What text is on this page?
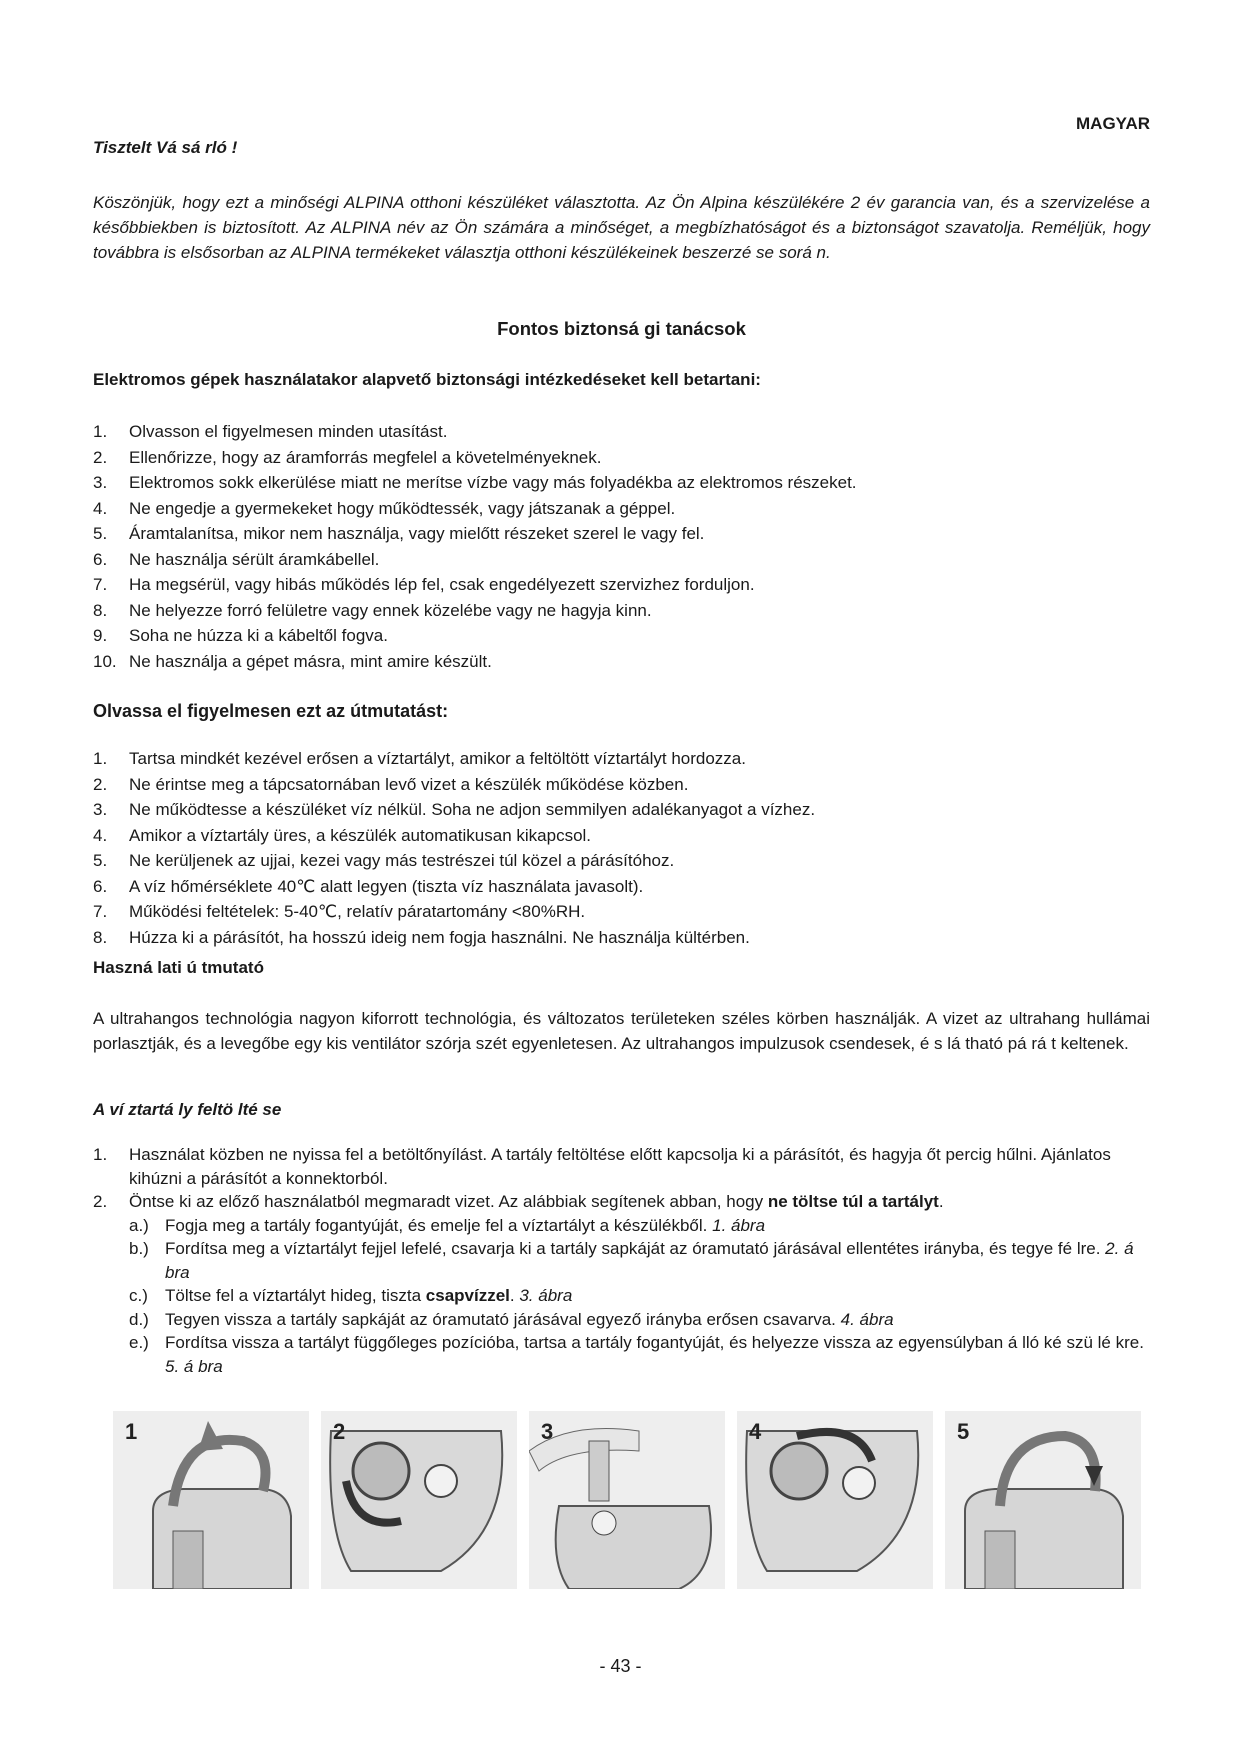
MAGYAR
Tisztelt Vá sá rló !
Köszönjük, hogy ezt a minőségi ALPINA otthoni készüléket választotta. Az Ön Alpina készülékére 2 év garancia van, és a szervizelése a későbbiekben is biztosított. Az ALPINA név az Ön számára a minőséget, a megbízhatóságot és a biztonságot szavatolja. Reméljük, hogy továbbra is elsősorban az ALPINA termékeket választja otthoni készülékeinek beszerzé se sorá n.
Fontos biztonsá gi tanácsok
Elektromos gépek használatakor alapvető biztonsági intézkedéseket kell betartani:
1. Olvasson el figyelmesen minden utasítást.
2. Ellenőrizze, hogy az áramforrás megfelel a követelményeknek.
3. Elektromos sokk elkerülése miatt ne merítse vízbe vagy más folyadékba az elektromos részeket.
4. Ne engedje a gyermekeket hogy működtessék, vagy játszanak a géppel.
5. Áramtalanítsa, mikor nem használja, vagy mielőtt részeket szerel le vagy fel.
6. Ne használja sérült áramkábellel.
7. Ha megsérül, vagy hibás működés lép fel, csak engedélyezett szervizhez forduljon.
8. Ne helyezze forró felületre vagy ennek közelébe vagy ne hagyja kinn.
9. Soha ne húzza ki a kábeltől fogva.
10. Ne használja a gépet másra, mint amire készült.
Olvassa el figyelmesen ezt az útmutatást:
1. Tartsa mindkét kezével erősen a víztartályt, amikor a feltöltött víztartályt hordozza.
2. Ne érintse meg a tápcsatornában levő vizet a készülék működése közben.
3. Ne működtesse a készüléket víz nélkül. Soha ne adjon semmilyen adalékanyagot a vízhez.
4. Amikor a víztartály üres, a készülék automatikusan kikapcsol.
5. Ne kerüljenek az ujjai, kezei vagy más testrészei túl közel a párásítóhoz.
6. A víz hőmérséklete 40℃ alatt legyen (tiszta víz használata javasolt).
7. Működési feltételek: 5-40℃, relatív páratartomány <80%RH.
8. Húzza ki a párásítót, ha hosszú ideig nem fogja használni. Ne használja kültérben.
Haszná lati ú tmutató
A ultrahangos technológia nagyon kiforrott technológia, és változatos területeken széles körben használják. A vizet az ultrahang hullámai porlasztják, és a levegőbe egy kis ventilátor szórja szét egyenletesen. Az ultrahangos impulzusok csendesek, é s lá tható pá rá t keltenek.
A ví ztartá ly feltö lté se
1. Használat közben ne nyissa fel a betöltőnyílást. A tartály feltöltése előtt kapcsolja ki a párásítót, és hagyja őt percig hűlni. Ajánlatos kihúzni a párásítót a konnektorból.
2. Öntse ki az előző használatból megmaradt vizet. Az alábbiak segítenek abban, hogy ne töltse túl a tartályt.
a.) Fogja meg a tartály fogantyúját, és emelje fel a víztartályt a készülékből. 1. ábra
b.) Fordítsa meg a víztartályt fejjel lefelé, csavarja ki a tartály sapkáját az óramutató járásával ellentétes irányba, és tegye fé lre. 2. á bra
c.) Töltse fel a víztartályt hideg, tiszta csapvízzel. 3. ábra
d.) Tegyen vissza a tartály sapkáját az óramutató járásával egyező irányba erősen csavarva. 4. ábra
e.) Fordítsa vissza a tartályt függőleges pozícióba, tartsa a tartály fogantyúját, és helyezze vissza az egyensúlyban á lló ké szü lé kre. 5. á bra
1	2	3	4	5
- 43 -
